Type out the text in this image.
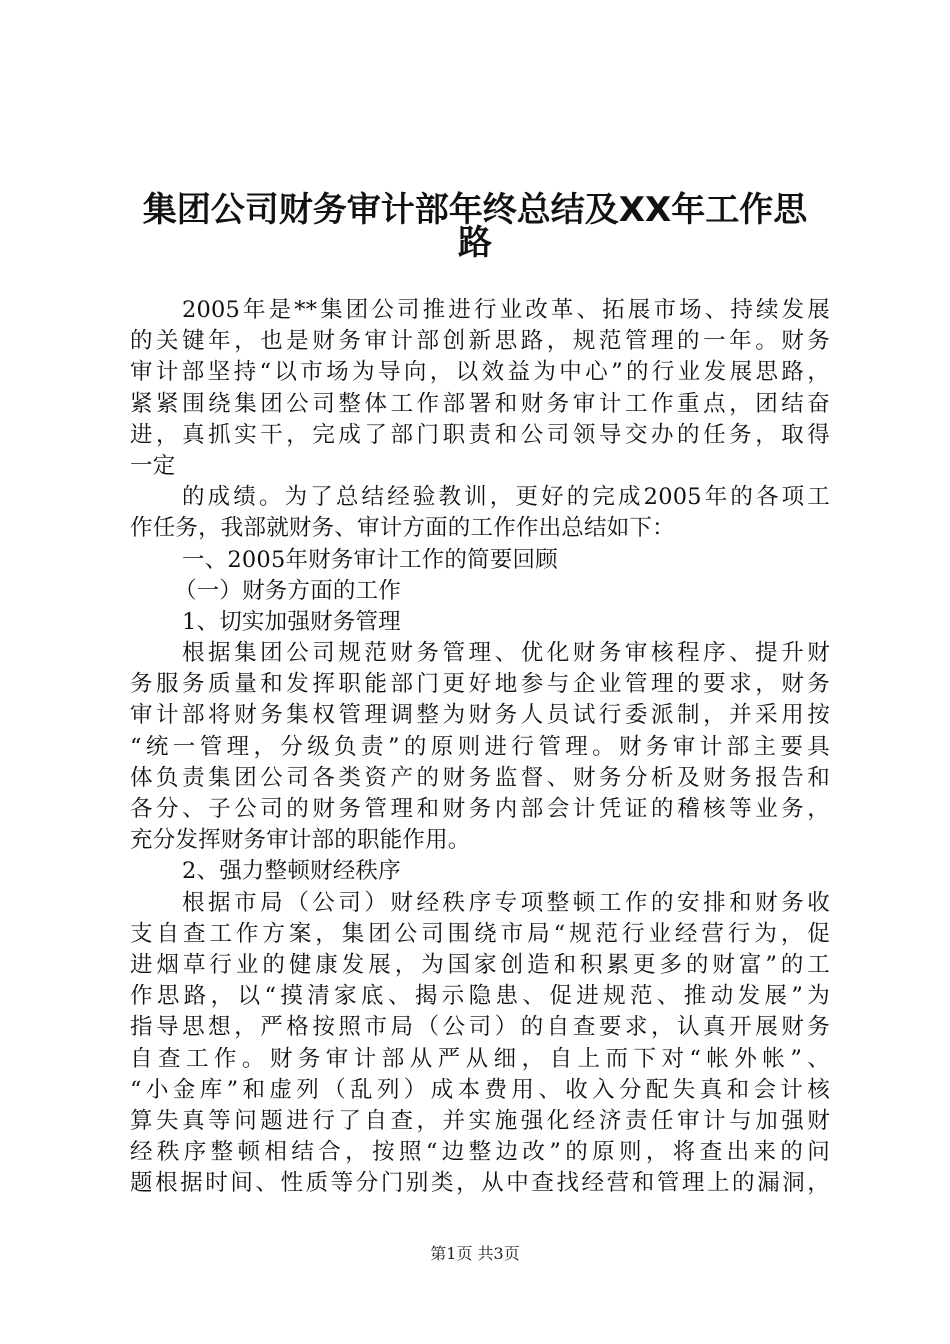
集团公司财务审计部年终总结及XX年工作思
路
2005年是**集团公司推进行业改革、拓展市场、持续发展
的关键年，也是财务审计部创新思路，规范管理的一年。财务
审计部坚持“以市场为导向，以效益为中心”的行业发展思路，
紧紧围绕集团公司整体工作部署和财务审计工作重点，团结奋
进，真抓实干，完成了部门职责和公司领导交办的任务，取得
一定
的成绩。为了总结经验教训，更好的完成2005年的各项工
作任务，我部就财务、审计方面的工作作出总结如下：
一、2005年财务审计工作的简要回顾
（一）财务方面的工作
1、切实加强财务管理
根据集团公司规范财务管理、优化财务审核程序、提升财
务服务质量和发挥职能部门更好地参与企业管理的要求，财务
审计部将财务集权管理调整为财务人员试行委派制，并采用按
“统一管理，分级负责”的原则进行管理。财务审计部主要具
体负责集团公司各类资产的财务监督、财务分析及财务报告和
各分、子公司的财务管理和财务内部会计凭证的稽核等业务，
充分发挥财务审计部的职能作用。
2、强力整顿财经秩序
根据市局（公司）财经秩序专项整顿工作的安排和财务收
支自查工作方案，集团公司围绕市局“规范行业经营行为，促
进烟草行业的健康发展，为国家创造和积累更多的财富”的工
作思路，以“摸清家底、揭示隐患、促进规范、推动发展”为
指导思想，严格按照市局（公司）的自查要求，认真开展财务
自查工作。财务审计部从严从细，自上而下对“帐外帐”、
“小金库”和虚列（乱列）成本费用、收入分配失真和会计核
算失真等问题进行了自查，并实施强化经济责任审计与加强财
经秩序整顿相结合，按照“边整边改”的原则，将查出来的问
题根据时间、性质等分门别类，从中查找经营和管理上的漏洞，
第1页 共3页
